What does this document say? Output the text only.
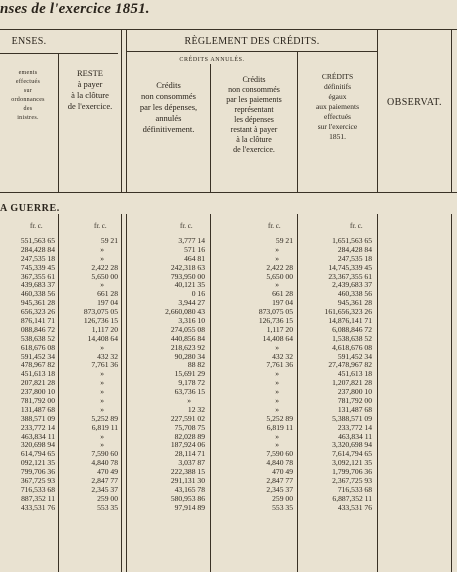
nses de l'exercice 1851.
ENSES.	RÈGLEMENT DES CRÉDITS.
CRÉDITS ANNULÉS.
ements
effectués
sur
ordonnances
des
inistres.
RESTE
à payer
à la clôture
de l'exercice.
Crédits
non consommés
par les dépenses,
annulés
définitivement.
Crédits
non consommés
par les paiements
représentant
les dépenses
restant à payer
à la clôture
de l'exercice.
CRÉDITS
définitifs
égaux
aux paiements
effectués
sur l'exercice
1851.
OBSERVAT.
A GUERRE.
fr. c.	fr. c.	fr. c.	fr. c.	fr. c.
551,563 65	59 21	3,777 14	59 21	1,651,563 65
284,428 84	»	571 16	»	284,428 84
247,535 18	»	464 81	»	247,535 18
745,339 45	2,422 28	242,318 63	2,422 28	14,745,339 45
367,355 61	5,650 00	793,950 00	5,650 00	23,367,355 61
439,683 37	»	40,121 35	»	2,439,683 37
460,338 56	661 28	0 16	661 28	460,338 56
945,361 28	197 04	3,944 27	197 04	945,361 28
656,323 26	873,075 05	2,660,080 43	873,075 05	161,656,323 26
876,141 71	126,736 15	3,316 10	126,736 15	14,876,141 71
088,846 72	1,117 20	274,055 08	1,117 20	6,088,846 72
538,638 52	14,408 64	440,856 84	14,408 64	1,538,638 52
618,676 08	»	218,623 92	»	4,618,676 08
591,452 34	432 32	90,280 34	432 32	591,452 34
478,967 82	7,761 36	88 82	7,761 36	27,478,967 82
451,613 18	»	15,691 29	»	451,613 18
207,821 28	»	9,178 72	»	1,207,821 28
237,800 10	»	63,736 15	»	237,800 10
781,792 00	»	»	»	781,792 00
131,487 68	»	12 32	»	131,487 68
388,571 09	5,252 89	227,591 02	5,252 89	5,388,571 09
233,772 14	6,819 11	75,708 75	6,819 11	233,772 14
463,834 11	»	82,028 89	»	463,834 11
320,698 94	»	187,924 06	»	3,320,698 94
614,794 65	7,590 60	28,114 71	7,590 60	7,614,794 65
092,121 35	4,840 78	3,037 87	4,840 78	3,092,121 35
799,706 36	470 49	222,388 15	470 49	1,799,706 36
367,725 93	2,847 77	291,131 30	2,847 77	2,367,725 93
716,533 68	2,345 37	43,165 78	2,345 37	716,533 68
887,352 11	259 00	580,953 86	259 00	6,887,352 11
433,531 76	553 35	97,914 89	553 35	433,531 76
